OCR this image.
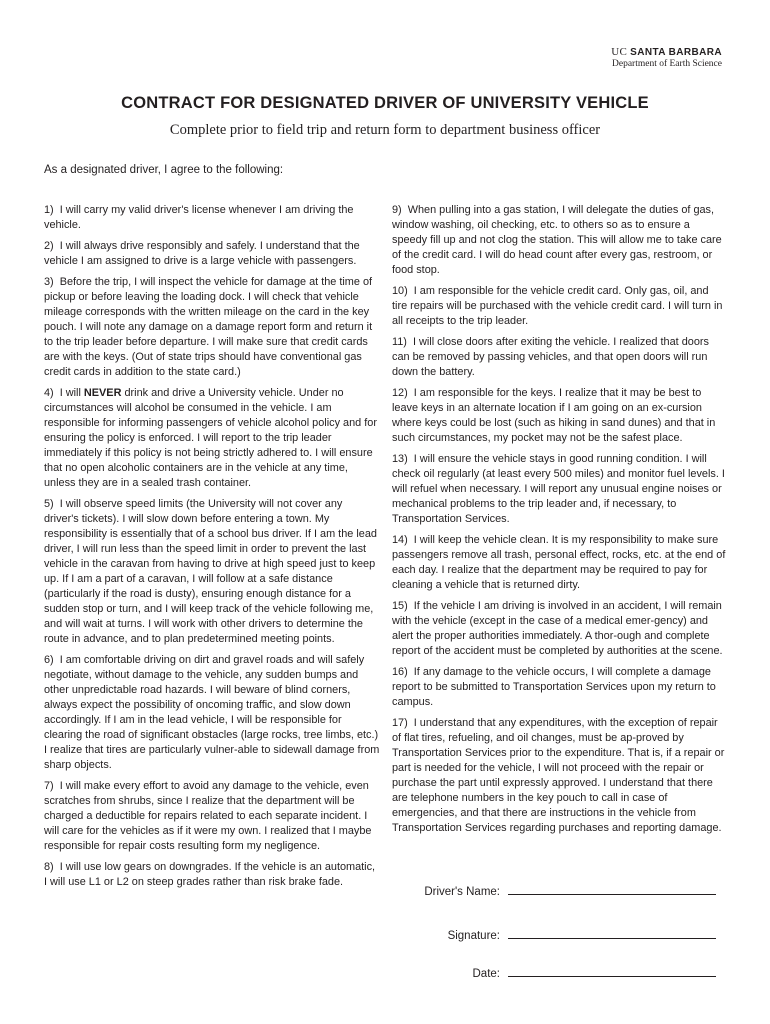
UC SANTA BARBARA
Department of Earth Science
CONTRACT FOR DESIGNATED DRIVER OF UNIVERSITY VEHICLE
Complete prior to field trip and return form to department business officer
As a designated driver, I agree to the following:

1) I will carry my valid driver's license whenever I am driving the vehicle.

2) I will always drive responsibly and safely. I understand that the vehicle I am assigned to drive is a large vehicle with passengers.

3) Before the trip, I will inspect the vehicle for damage at the time of pickup or before leaving the loading dock. I will check that vehicle mileage corresponds with the written mileage on the card in the key pouch. I will note any damage on a damage report form and return it to the trip leader before departure. I will make sure that credit cards are with the keys. (Out of state trips should have conventional gas credit cards in addition to the state card.)

4) I will NEVER drink and drive a University vehicle. Under no circumstances will alcohol be consumed in the vehicle. I am responsible for informing passengers of vehicle alcohol policy and for ensuring the policy is enforced. I will report to the trip leader immediately if this policy is not being strictly adhered to. I will ensure that no open alcoholic containers are in the vehicle at any time, unless they are in a sealed trash container.

5) I will observe speed limits (the University will not cover any driver's tickets). I will slow down before entering a town. My responsibility is essentially that of a school bus driver. If I am the lead driver, I will run less than the speed limit in order to prevent the last vehicle in the caravan from having to drive at high speed just to keep up. If I am a part of a caravan, I will follow at a safe distance (particularly if the road is dusty), ensuring enough distance for a sudden stop or turn, and I will keep track of the vehicle following me, and will wait at turns. I will work with other drivers to determine the route in advance, and to plan predetermined meeting points.

6) I am comfortable driving on dirt and gravel roads and will safely negotiate, without damage to the vehicle, any sudden bumps and other unpredictable road hazards. I will beware of blind corners, always expect the possibility of oncoming traffic, and slow down accordingly. If I am in the lead vehicle, I will be responsible for clearing the road of significant obstacles (large rocks, tree limbs, etc.) I realize that tires are particularly vulner-able to sidewall damage from sharp objects.

7) I will make every effort to avoid any damage to the vehicle, even scratches from shrubs, since I realize that the department will be charged a deductible for repairs related to each separate incident. I will care for the vehicles as if it were my own. I realized that I maybe responsible for repair costs resulting form my negligence.

8) I will use low gears on downgrades. If the vehicle is an automatic, I will use L1 or L2 on steep grades rather than risk brake fade.

9) When pulling into a gas station, I will delegate the duties of gas, window washing, oil checking, etc. to others so as to ensure a speedy fill up and not clog the station. This will allow me to take care of the credit card. I will do head count after every gas, restroom, or food stop.

10) I am responsible for the vehicle credit card. Only gas, oil, and tire repairs will be purchased with the vehicle credit card. I will turn in all receipts to the trip leader.

11) I will close doors after exiting the vehicle. I realized that doors can be removed by passing vehicles, and that open doors will run down the battery.

12) I am responsible for the keys. I realize that it may be best to leave keys in an alternate location if I am going on an ex-cursion where keys could be lost (such as hiking in sand dunes) and that in such circumstances, my pocket may not be the safest place.

13) I will ensure the vehicle stays in good running condition. I will check oil regularly (at least every 500 miles) and monitor fuel levels. I will refuel when necessary. I will report any unusual engine noises or mechanical problems to the trip leader and, if necessary, to Transportation Services.

14) I will keep the vehicle clean. It is my responsibility to make sure passengers remove all trash, personal effect, rocks, etc. at the end of each day. I realize that the department may be required to pay for cleaning a vehicle that is returned dirty.

15) If the vehicle I am driving is involved in an accident, I will remain with the vehicle (except in the case of a medical emer-gency) and alert the proper authorities immediately. A thor-ough and complete report of the accident must be completed by authorities at the scene.

16) If any damage to the vehicle occurs, I will complete a damage report to be submitted to Transportation Services upon my return to campus.

17) I understand that any expenditures, with the exception of repair of flat tires, refueling, and oil changes, must be ap-proved by Transportation Services prior to the expenditure. That is, if a repair or part is needed for the vehicle, I will not proceed with the repair or purchase the part until expressly approved. I understand that there are telephone numbers in the key pouch to call in case of emergencies, and that there are instructions in the vehicle from Transportation Services regarding purchases and reporting damage.

Driver's Name:
Signature:
Date:
